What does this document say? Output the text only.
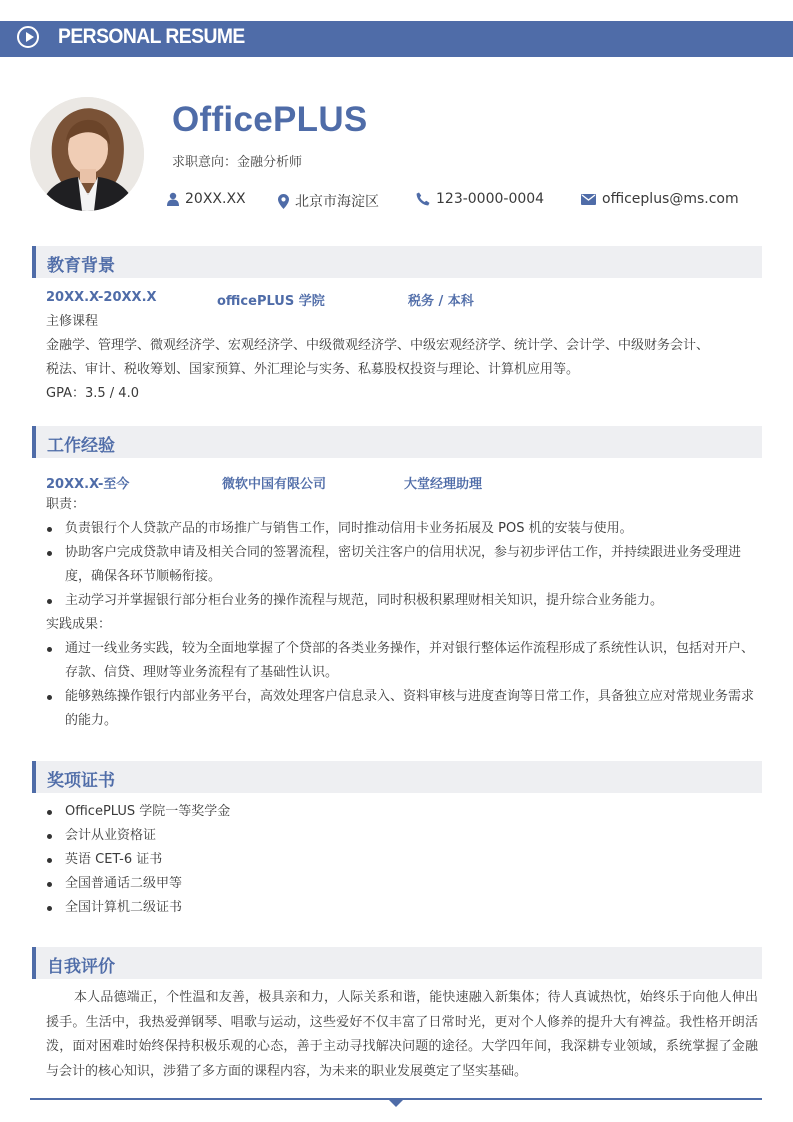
PERSONAL RESUME
OfficePLUS
求职意向：金融分析师
20XX.XX	北京市海淀区	123-0000-0004	officeplus@ms.com
教育背景
20XX.X-20XX.X	officePLUS 学院	税务 / 本科
主修课程
金融学、管理学、微观经济学、宏观经济学、中级微观经济学、中级宏观经济学、统计学、会计学、中级财务会计、
税法、审计、税收筹划、国家预算、外汇理论与实务、私募股权投资与理论、计算机应用等。
GPA：3.5 / 4.0
工作经验
20XX.X-至今	微软中国有限公司	大堂经理助理
职责：
负责银行个人贷款产品的市场推广与销售工作，同时推动信用卡业务拓展及 POS 机的安装与使用。
协助客户完成贷款申请及相关合同的签署流程，密切关注客户的信用状况，参与初步评估工作，并持续跟进业务受理进度，确保各环节顺畅衔接。
主动学习并掌握银行部分柜台业务的操作流程与规范，同时积极积累理财相关知识，提升综合业务能力。
实践成果：
通过一线业务实践，较为全面地掌握了个贷部的各类业务操作，并对银行整体运作流程形成了系统性认识，包括对开户、存款、信贷、理财等业务流程有了基础性认识。
能够熟练操作银行内部业务平台，高效处理客户信息录入、资料审核与进度查询等日常工作，具备独立应对常规业务需求的能力。
奖项证书
OfficePLUS 学院一等奖学金
会计从业资格证
英语 CET-6 证书
全国普通话二级甲等
全国计算机二级证书
自我评价
本人品德端正，个性温和友善，极具亲和力，人际关系和谐，能快速融入新集体；待人真诚热忱，始终乐于向他人伸出援手。生活中，我热爱弹钢琴、唱歌与运动，这些爱好不仅丰富了日常时光，更对个人修养的提升大有裨益。我性格开朗活泼，面对困难时始终保持积极乐观的心态，善于主动寻找解决问题的途径。大学四年间，我深耕专业领域，系统掌握了金融与会计的核心知识，涉猎了多方面的课程内容，为未来的职业发展奠定了坚实基础。
